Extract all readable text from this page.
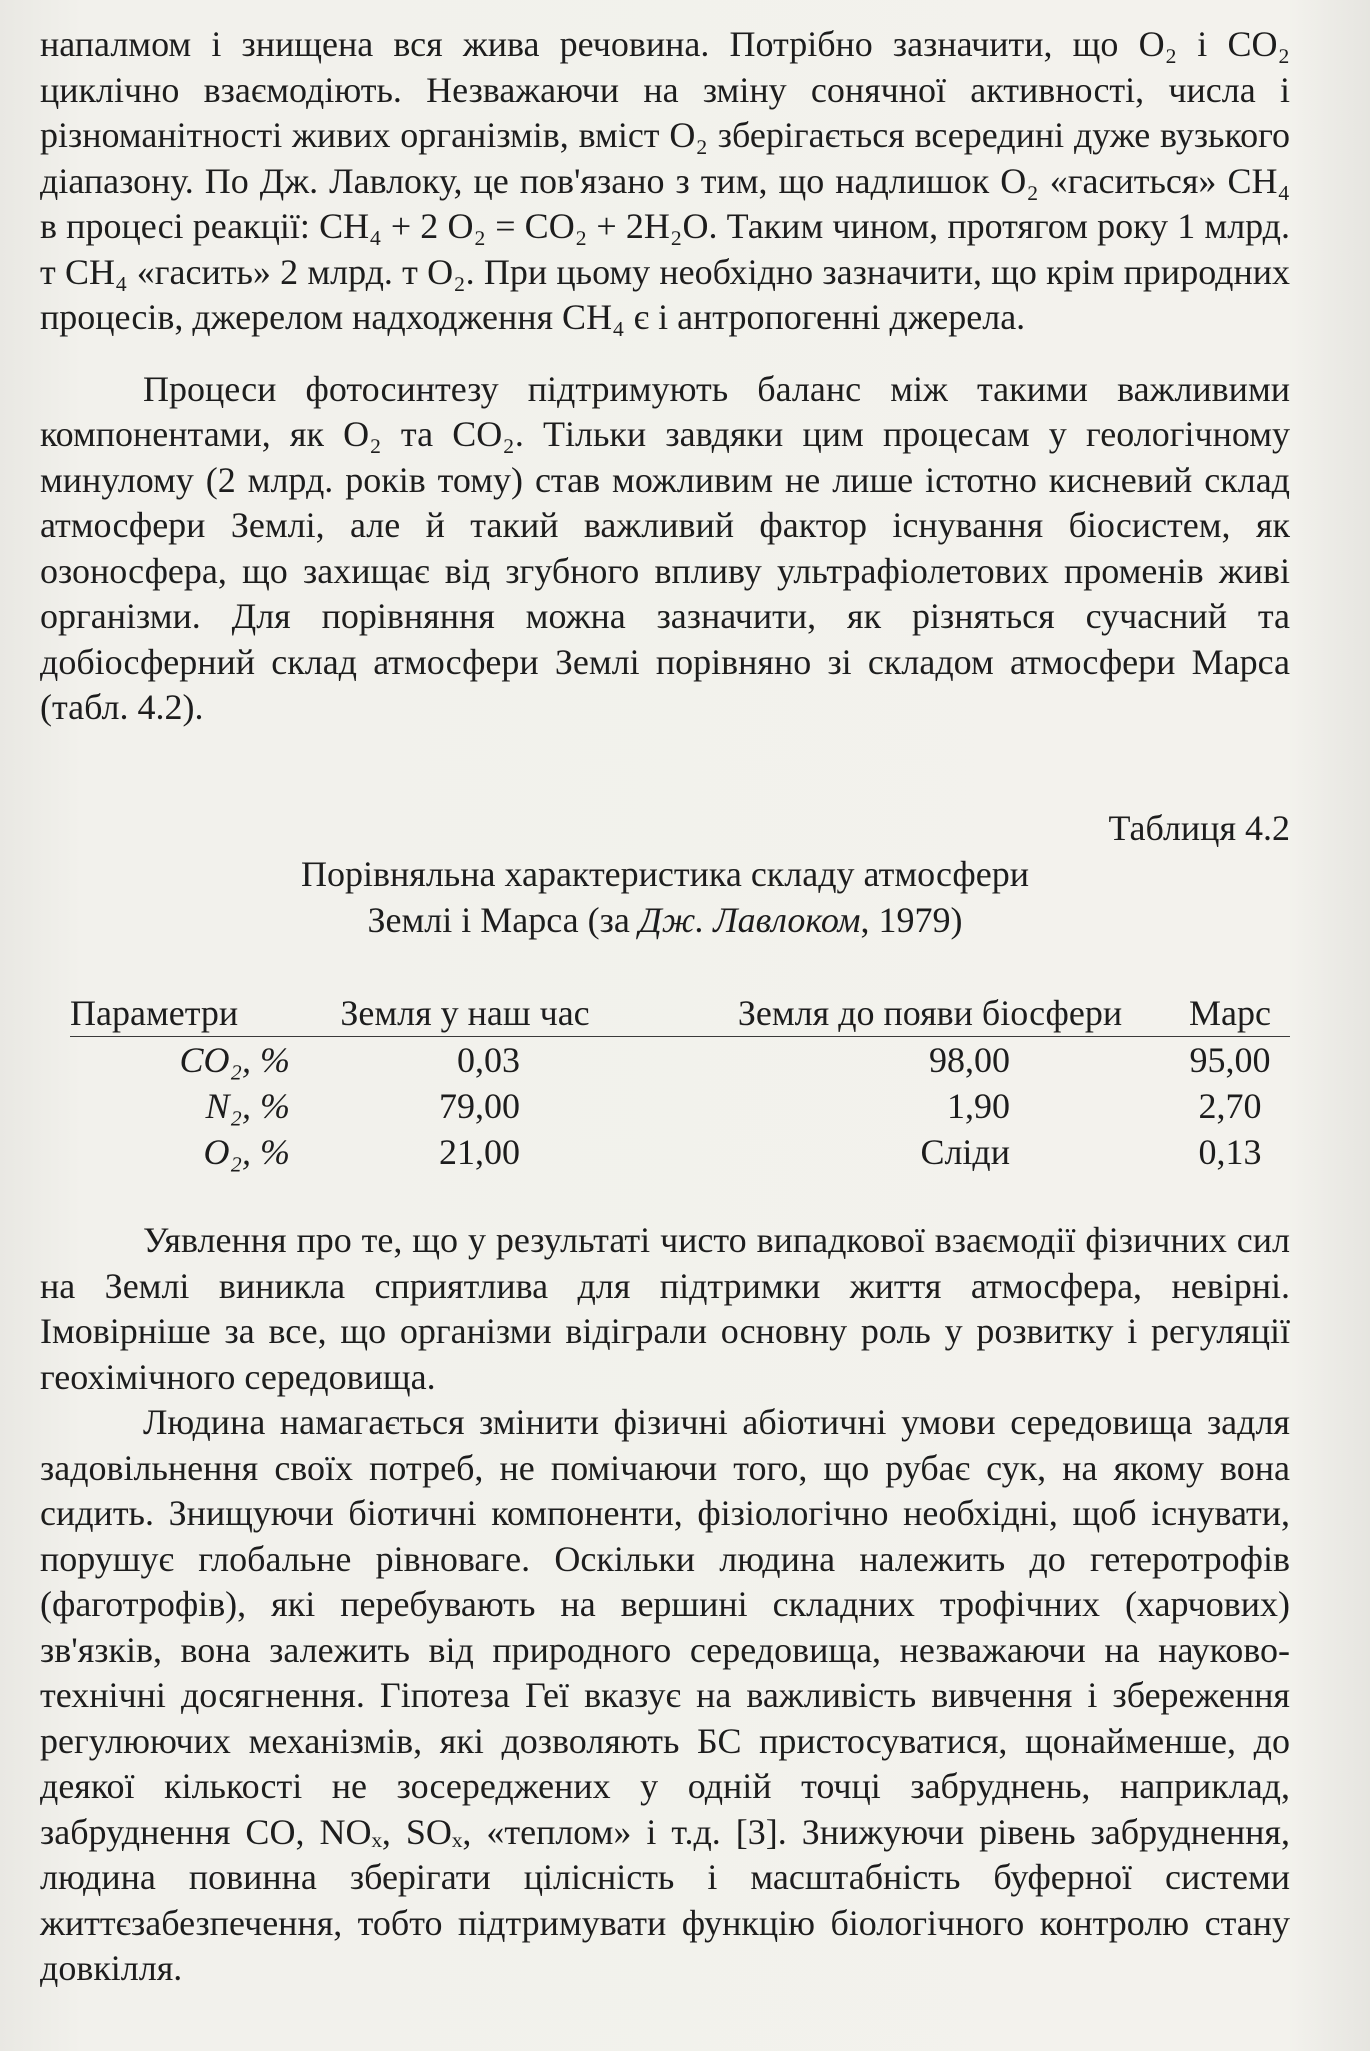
напалмом і знищена вся жива речовина. Потрібно зазначити, що O₂ і CO₂ циклічно взаємодіють. Незважаючи на зміну сонячної активності, числа і різноманітності живих організмів, вміст O₂ зберігається всередині дуже вузького діапазону. По Дж. Лавлоку, це пов'язано з тим, що надлишок O₂ «гаситься» CH₄ в процесі реакції: CH₄ + 2 O₂ = CO₂ + 2H₂O. Таким чином, протягом року 1 млрд. т CH₄ «гасить» 2 млрд. т O₂. При цьому необхідно зазначити, що крім природних процесів, джерелом надходження CH₄ є і антропогенні джерела.

Процеси фотосинтезу підтримують баланс між такими важливими компонентами, як O₂ та CO₂. Тільки завдяки цим процесам у геологічному минулому (2 млрд. років тому) став можливим не лише істотно кисневий склад атмосфери Землі, але й такий важливий фактор існування біосистем, як озоносфера, що захищає від згубного впливу ультрафіолетових променів живі організми. Для порівняння можна зазначити, як різняться сучасний та добіосферний склад атмосфери Землі порівняно зі складом атмосфери Марса (табл. 4.2).

Таблиця 4.2
Порівняльна характеристика складу атмосфери
Землі і Марса (за Дж. Лавлоком, 1979)
Параметри	Земля у наш час	Земля до появи біосфери	Марс
CO₂, %	0,03	98,00	95,00
N₂, %	79,00	1,90	2,70
O₂, %	21,00	Сліди	0,13

Уявлення про те, що у результаті чисто випадкової взаємодії фізичних сил на Землі виникла сприятлива для підтримки життя атмосфера, невірні. Імовірніше за все, що організми відіграли основну роль у розвитку і регуляції геохімічного середовища.

Людина намагається змінити фізичні абіотичні умови середовища задля задовільнення своїх потреб, не помічаючи того, що рубає сук, на якому вона сидить. Знищуючи біотичні компоненти, фізіологічно необхідні, щоб існувати, порушує глобальне рівновагe. Оскільки людина належить до гетеротрофів (фаготрофів), які перебувають на вершині складних трофічних (харчових) зв'язків, вона залежить від природного середовища, незважаючи на науково-технічні досягнення. Гіпотеза Геї вказує на важливість вивчення і збереження регулюючих механізмів, які дозволяють БС пристосуватися, щонайменше, до деякої кількості не зосереджених у одній точці забруднень, наприклад, забруднення CO, NOₓ, SOₓ, «теплом» і т.д. [3]. Знижуючи рівень забруднення, людина повинна зберігати цілісність і масштабність буферної системи життєзабезпечення, тобто підтримувати функцію біологічного контролю стану довкілля.
